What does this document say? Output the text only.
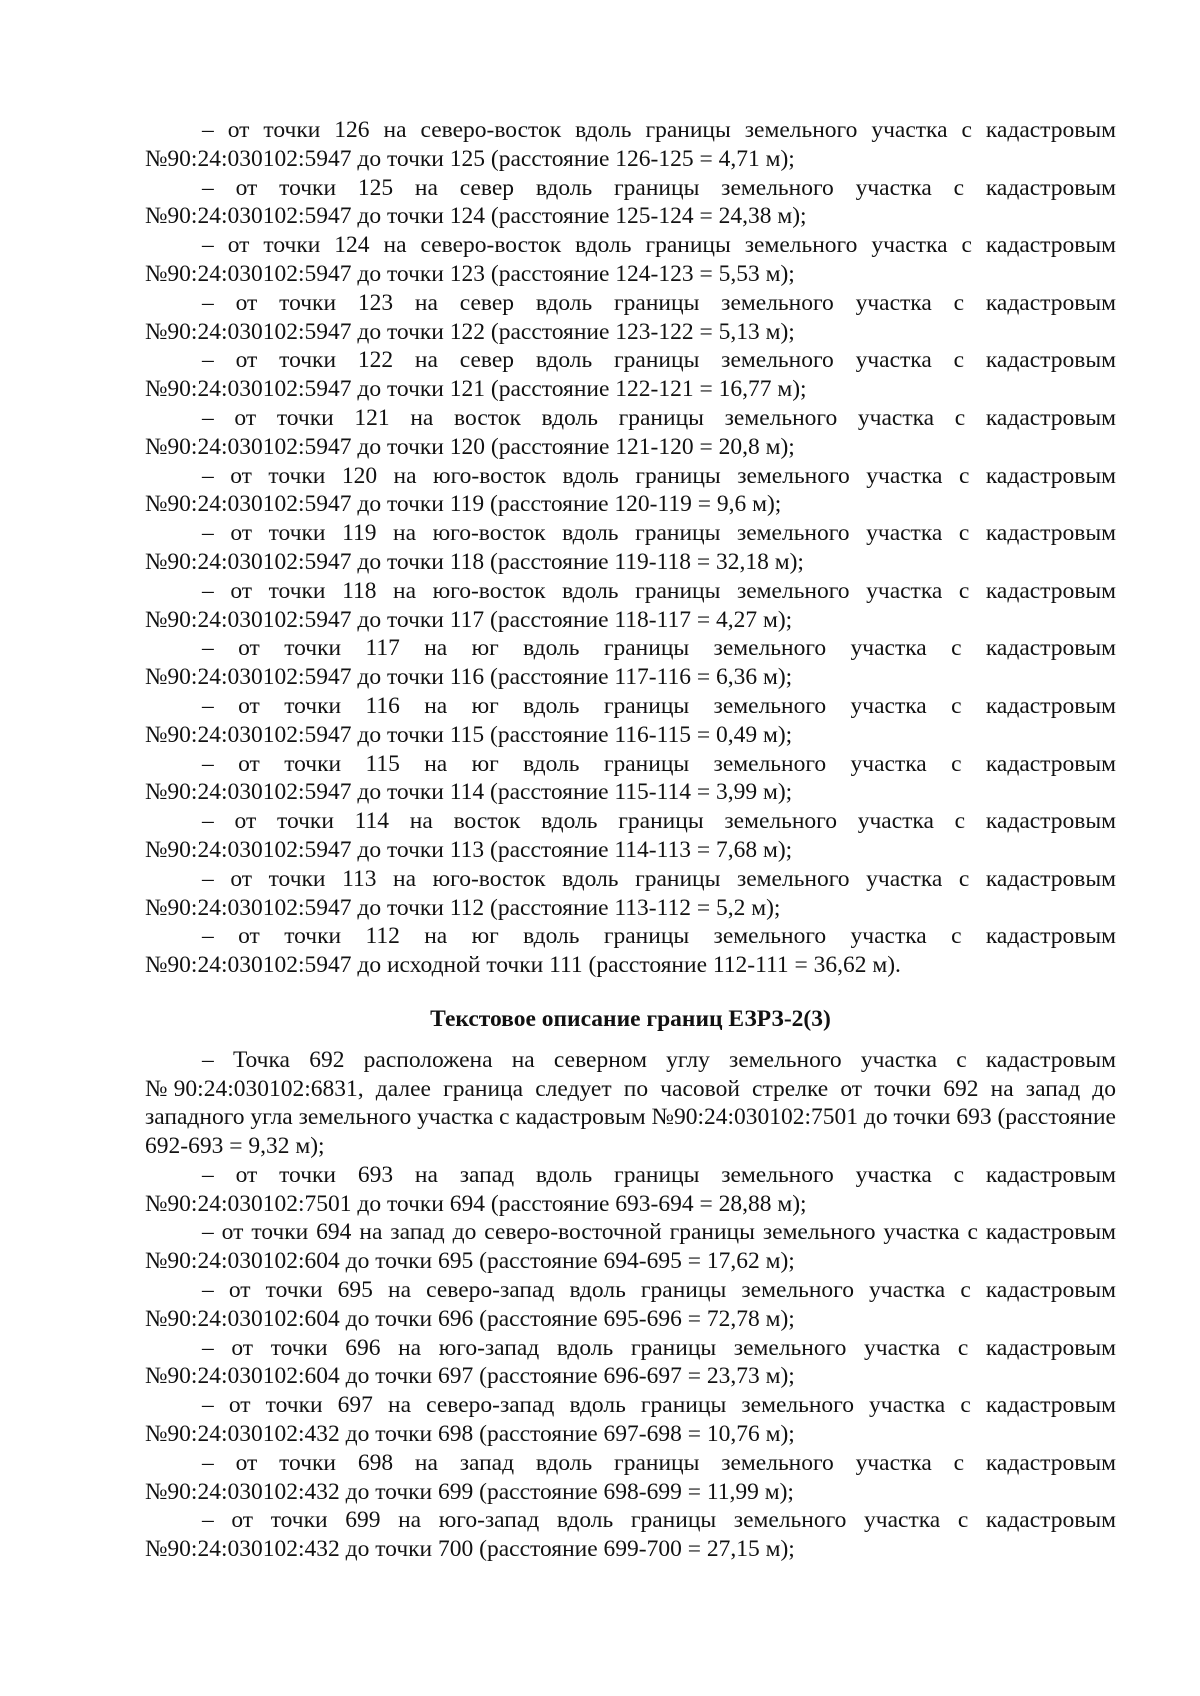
– от точки 126 на северо-восток вдоль границы земельного участка с кадастровым №90:24:030102:5947 до точки 125 (расстояние 126-125 = 4,71 м);

– от точки 125 на север вдоль границы земельного участка с кадастровым №90:24:030102:5947 до точки 124 (расстояние 125-124 = 24,38 м);

– от точки 124 на северо-восток вдоль границы земельного участка с кадастровым №90:24:030102:5947 до точки 123 (расстояние 124-123 = 5,53 м);

– от точки 123 на север вдоль границы земельного участка с кадастровым №90:24:030102:5947 до точки 122 (расстояние 123-122 = 5,13 м);

– от точки 122 на север вдоль границы земельного участка с кадастровым №90:24:030102:5947 до точки 121 (расстояние 122-121 = 16,77 м);

– от точки 121 на восток вдоль границы земельного участка с кадастровым №90:24:030102:5947 до точки 120 (расстояние 121-120 = 20,8 м);

– от точки 120 на юго-восток вдоль границы земельного участка с кадастровым №90:24:030102:5947 до точки 119 (расстояние 120-119 = 9,6 м);

– от точки 119 на юго-восток вдоль границы земельного участка с кадастровым №90:24:030102:5947 до точки 118 (расстояние 119-118 = 32,18 м);

– от точки 118 на юго-восток вдоль границы земельного участка с кадастровым №90:24:030102:5947 до точки 117 (расстояние 118-117 = 4,27 м);

– от точки 117 на юг вдоль границы земельного участка с кадастровым №90:24:030102:5947 до точки 116 (расстояние 117-116 = 6,36 м);

– от точки 116 на юг вдоль границы земельного участка с кадастровым №90:24:030102:5947 до точки 115 (расстояние 116-115 = 0,49 м);

– от точки 115 на юг вдоль границы земельного участка с кадастровым №90:24:030102:5947 до точки 114 (расстояние 115-114 = 3,99 м);

– от точки 114 на восток вдоль границы земельного участка с кадастровым №90:24:030102:5947 до точки 113 (расстояние 114-113 = 7,68 м);

– от точки 113 на юго-восток вдоль границы земельного участка с кадастровым №90:24:030102:5947 до точки 112 (расстояние 113-112 = 5,2 м);

– от точки 112 на юг вдоль границы земельного участка с кадастровым №90:24:030102:5947 до исходной точки 111 (расстояние 112-111 = 36,62 м).

Текстовое описание границ ЕЗРЗ-2(3)

– Точка 692 расположена на северном углу земельного участка с кадастровым №90:24:030102:6831, далее граница следует по часовой стрелке от точки 692 на запад до западного угла земельного участка с кадастровым №90:24:030102:7501 до точки 693 (расстояние 692-693 = 9,32 м);

– от точки 693 на запад вдоль границы земельного участка с кадастровым №90:24:030102:7501 до точки 694 (расстояние 693-694 = 28,88 м);

– от точки 694 на запад до северо-восточной границы земельного участка с кадастровым №90:24:030102:604 до точки 695 (расстояние 694-695 = 17,62 м);

– от точки 695 на северо-запад вдоль границы земельного участка с кадастровым №90:24:030102:604 до точки 696 (расстояние 695-696 = 72,78 м);

– от точки 696 на юго-запад вдоль границы земельного участка с кадастровым №90:24:030102:604 до точки 697 (расстояние 696-697 = 23,73 м);

– от точки 697 на северо-запад вдоль границы земельного участка с кадастровым №90:24:030102:432 до точки 698 (расстояние 697-698 = 10,76 м);

– от точки 698 на запад вдоль границы земельного участка с кадастровым №90:24:030102:432 до точки 699 (расстояние 698-699 = 11,99 м);

– от точки 699 на юго-запад вдоль границы земельного участка с кадастровым №90:24:030102:432 до точки 700 (расстояние 699-700 = 27,15 м);
